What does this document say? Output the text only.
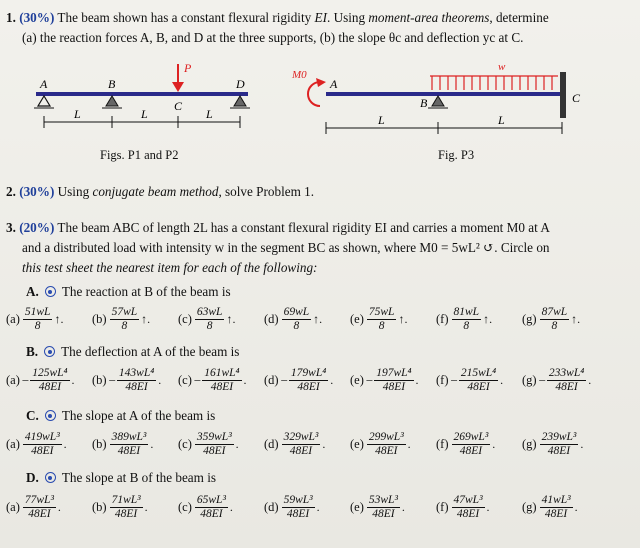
1. (30%) The beam shown has a constant flexural rigidity EI. Using moment-area theorems, determine
(a) the reaction forces A, B, and D at the three supports, (b) the slope θc and deflection yc at C.
P
A	B
C
D
L	L	L
Figs. P1 and P2
M0
A
w
B	C
L	L
Fig. P3
2. (30%) Using conjugate beam method, solve Problem 1.
3. (20%) The beam ABC of length 2L has a constant flexural rigidity EI and carries a moment M0 at A
and a distributed load with intensity w in the segment BC as shown, where M0 = 5wL² ↺. Circle on
this test sheet the nearest item for each of the following:
A. The reaction at B of the beam is
$(a) \frac{51wL}{8}$ ↑. $(b) \frac{57wL}{8}$ ↑. $(c) \frac{63wL}{8}$ ↑. $(d) \frac{69wL}{8}$ ↑. $(e) \frac{75wL}{8}$ ↑. $(f) \frac{81wL}{8}$ ↑. $(g) \frac{87wL}{8}$ ↑.
B. The deflection at A of the beam is
$(a) - \frac{\text{125wL⁴}}{48EI}$ . $(b) - \frac{\text{143wL⁴}}{48EI}$ . $(c) - \frac{\text{161wL⁴}}{48EI}$ . $(d) - \frac{\text{179wL⁴}}{48EI}$ . $(e) - \frac{\text{197wL⁴}}{48EI}$ . $(f) - \frac{\text{215wL⁴}}{48EI}$ . $(g) - \frac{\text{233wL⁴}}{48EI}$ .
C. The slope at A of the beam is
$(a) \frac{\text{419wL³}}{48EI}$ . $(b) \frac{\text{389wL³}}{48EI}$ . $(c) \frac{\text{359wL³}}{48EI}$ . $(d) \frac{\text{329wL³}}{48EI}$ . $(e) \frac{\text{299wL³}}{48EI}$ . $(f) \frac{\text{269wL³}}{48EI}$ . $(g) \frac{\text{239wL³}}{48EI}$ .
D. The slope at B of the beam is
$(a) \frac{\text{77wL³}}{48EI}$ . $(b) \frac{\text{71wL³}}{48EI}$ . $(c) \frac{\text{65wL³}}{48EI}$ . $(d) \frac{\text{59wL³}}{48EI}$ . $(e) \frac{\text{53wL³}}{48EI}$ . $(f) \frac{\text{47wL³}}{48EI}$ .	$(g) \frac{\text{41wL³}}{48EI}$ .
